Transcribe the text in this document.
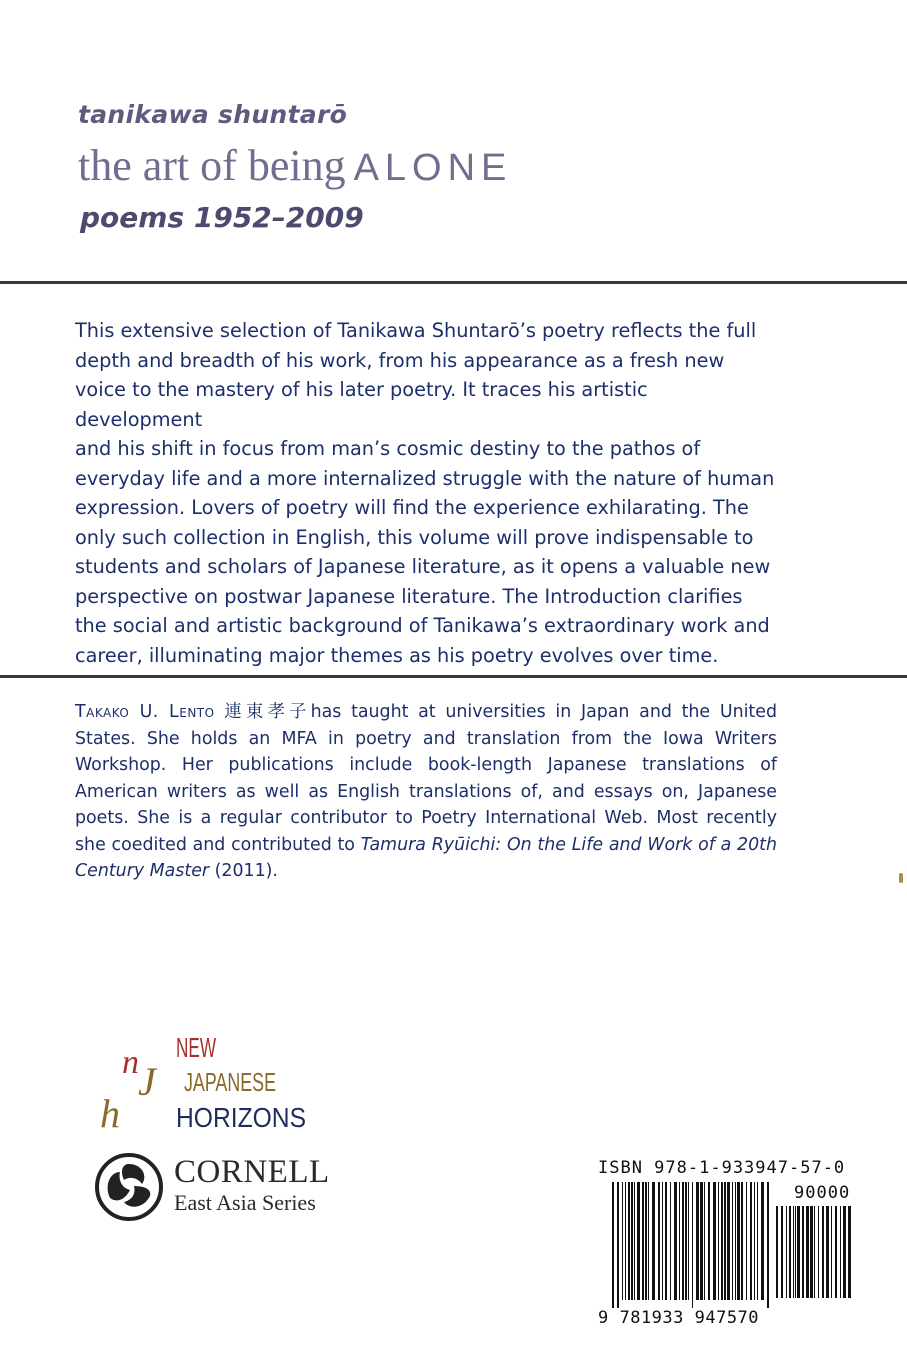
tanikawa shuntarō
the art of being ALONE
poems 1952–2009

This extensive selection of Tanikawa Shuntarō’s poetry reflects the full
depth and breadth of his work, from his appearance as a fresh new
voice to the mastery of his later poetry. It traces his artistic development
and his shift in focus from man’s cosmic destiny to the pathos of
everyday life and a more internalized struggle with the nature of human
expression. Lovers of poetry will find the experience exhilarating. The
only such collection in English, this volume will prove indispensable to
students and scholars of Japanese literature, as it opens a valuable new
perspective on postwar Japanese literature. The Introduction clarifies
the social and artistic background of Tanikawa’s extraordinary work and
career, illuminating major themes as his poetry evolves over time.

Takako U. Lento 連東孝子has taught at universities in Japan and the United States. She holds an MFA in poetry and translation from the Iowa Writers Workshop. Her publications include book-length Japanese translations of American writers as well as English translations of, and essays on, Japanese poets. She is a regular contributor to Poetry International Web. Most recently she coedited and contributed to Tamura Ryūichi: On the Life and Work of a 20th Century Master (2011).

n J
h
NEW
JAPANESE
HORIZONS
CORNELL
East Asia Series
ISBN 978-1-933947-57-0
90000
9 781933 947570
